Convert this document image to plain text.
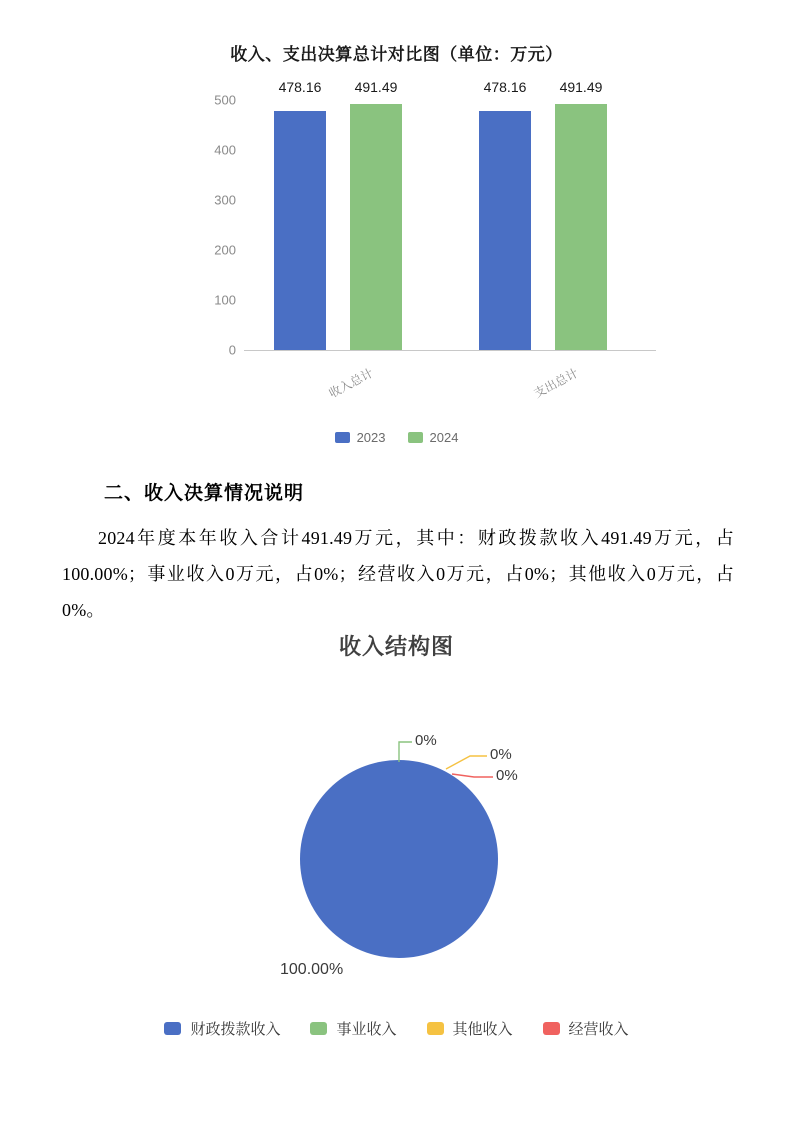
收入、支出决算总计对比图（单位：万元）
500
400
300
200
100
0
478.16
收入总计
491.49	478.16
支出总计
491.49
2023	2024
二、收入决算情况说明
2024年度本年收入合计491.49万元，其中：财政拨款收入491.49万元，占100.00%；事业收入0万元，占0%；经营收入0万元，占0%；其他收入0万元，占0%。
收入结构图
0%
0%
0%
100.00%
财政拨款收入	事业收入	其他收入	经营收入
